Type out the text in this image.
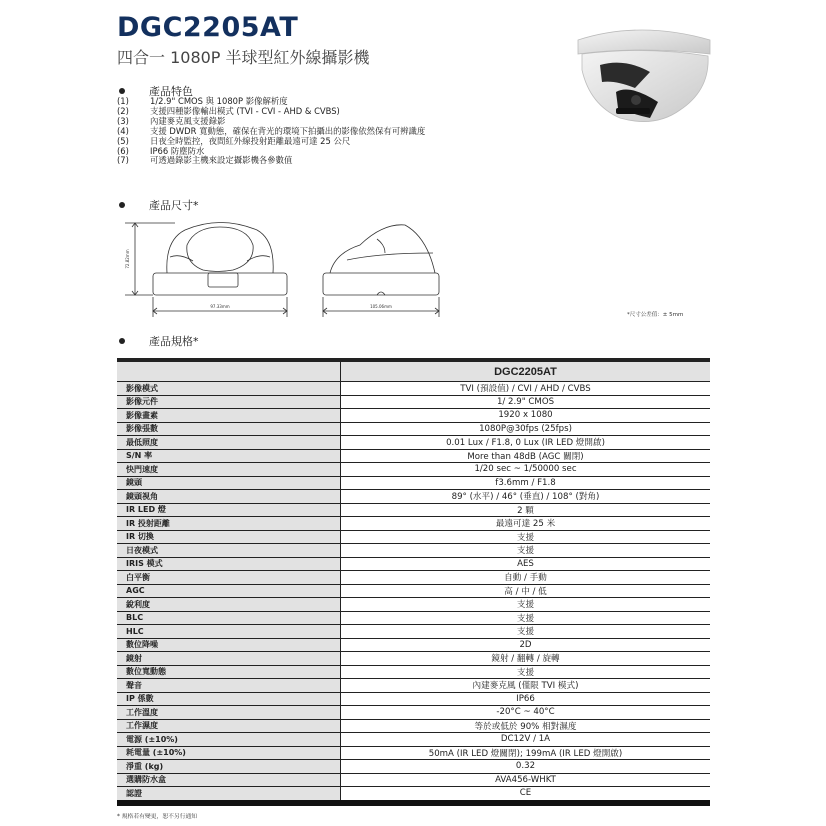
DGC2205AT
四合一 1080P 半球型紅外線攝影機
產品特色
(1)	1/2.9" CMOS 與 1080P 影像解析度
(2)	支援四種影像輸出模式 (TVI - CVI - AHD & CVBS)
(3)	內建麥克風支援錄影
(4)	支援 DWDR 寬動態，確保在背光的環境下拍攝出的影像依然保有可辨識度
(5)	日夜全時監控，夜間紅外線投射距離最遠可達 25 公尺
(6)	IP66 防塵防水
(7)	可透過錄影主機來設定攝影機各參數值
產品尺寸*
72.82mm
97.33mm	105.06mm
*尺寸公差值：± 5mm
產品規格*
	DGC2205AT
影像模式	TVI (預設值) / CVI / AHD / CVBS
影像元件	1/ 2.9" CMOS
影像畫素	1920 x 1080
影像張數	1080P@30fps (25fps)
最低照度	0.01 Lux / F1.8, 0 Lux (IR LED 燈開啟)
S/N 率	More than 48dB (AGC 關閉)
快門速度	1/20 sec ~ 1/50000 sec
鏡頭	f3.6mm / F1.8
鏡頭視角	89° (水平) / 46° (垂直) / 108° (對角)
IR LED 燈	2 顆
IR 投射距離	最遠可達 25 米
IR 切換	支援
日夜模式	支援
IRIS 模式	AES
白平衡	自動 / 手動
AGC	高 / 中 / 低
銳利度	支援
BLC	支援
HLC	支援
數位降噪	2D
鏡射	鏡射 / 翻轉 / 旋轉
數位寬動態	支援
聲音	內建麥克風 (僅限 TVI 模式)
IP 係數	IP66
工作溫度	-20°C ~ 40°C
工作濕度	等於或低於 90% 相對濕度
電源 (±10%)	DC12V / 1A
耗電量 (±10%)	50mA (IR LED 燈關閉); 199mA (IR LED 燈開啟)
淨重 (kg)	0.32
選購防水盒	AVA456-WHKT
認證	CE
* 規格若有變更，恕不另行通知
